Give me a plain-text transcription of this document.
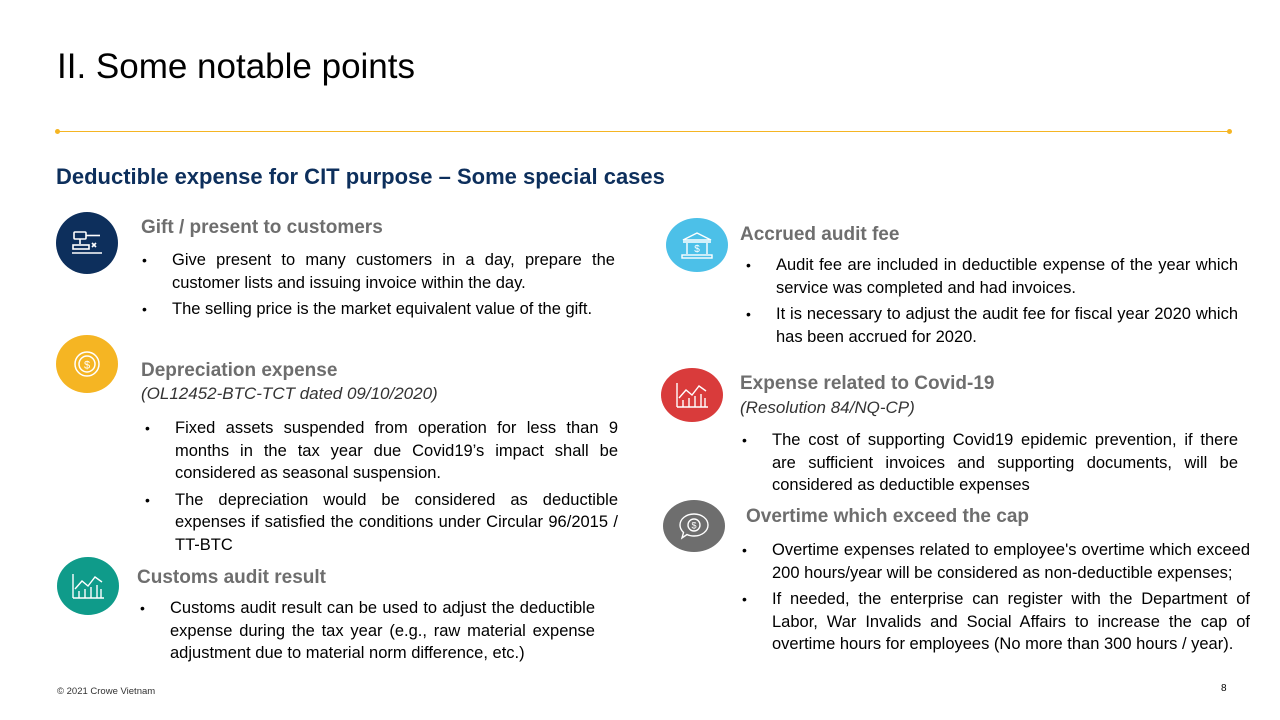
II. Some notable points
Deductible expense for CIT purpose – Some special cases
Gift / present to customers
• Give present to many customers in a day, prepare the customer lists and issuing invoice within the day.
• The selling price is the market equivalent value of the gift.
$	Depreciation expense
(OL12452-BTC-TCT dated 09/10/2020)
• Fixed assets suspended from operation for less than 9 months in the tax year due Covid19’s impact shall be considered as seasonal suspension.
• The depreciation would be considered as deductible expenses if satisfied the conditions under Circular 96/2015 / TT-BTC
Customs audit result
• Customs audit result can be used to adjust the deductible expense during the tax year (e.g., raw material expense adjustment due to material norm difference, etc.)
$
Accrued audit fee
• Audit fee are included in deductible expense of the year which service was completed and had invoices.
• It is necessary to adjust the audit fee for fiscal year 2020 which has been accrued for 2020.
Expense related to Covid-19
(Resolution 84/NQ-CP)
• The cost of supporting Covid19 epidemic prevention, if there are sufficient invoices and supporting documents, will be considered as deductible expenses
$	Overtime which exceed the cap
• Overtime expenses related to employee's overtime which exceed 200 hours/year will be considered as non-deductible expenses;
• If needed, the enterprise can register with the Department of Labor, War Invalids and Social Affairs to increase the cap of overtime hours for employees (No more than 300 hours / year).
© 2021 Crowe Vietnam	8
